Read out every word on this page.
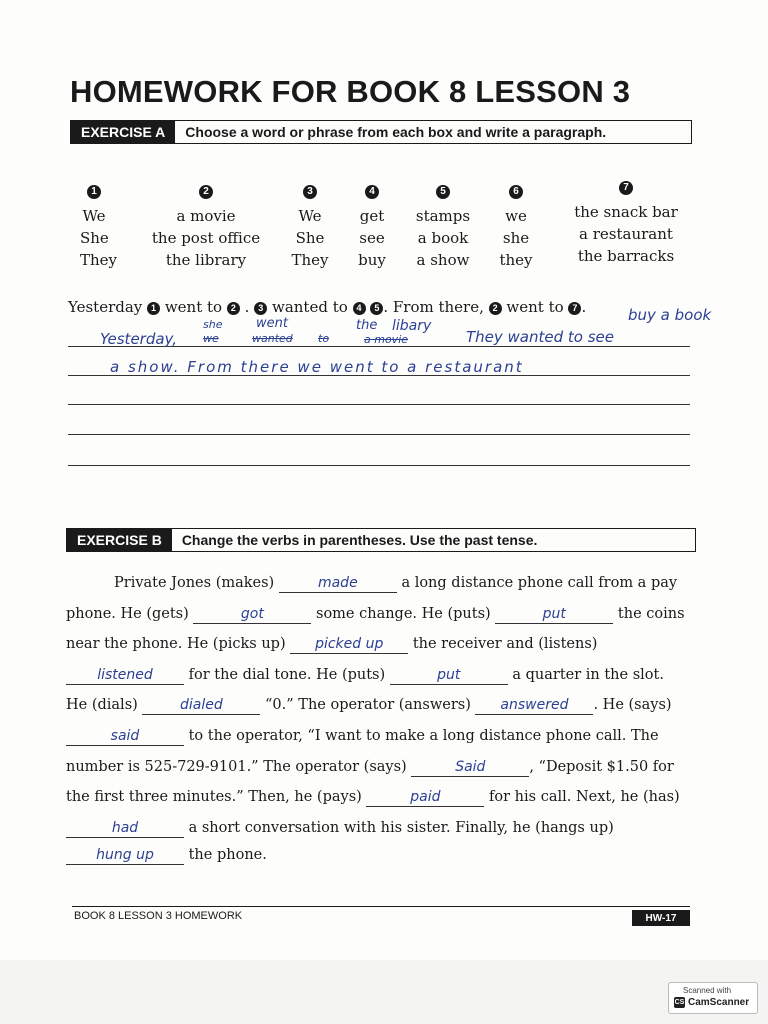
HOMEWORK FOR BOOK 8 LESSON 3
EXERCISE A	Choose a word or phrase from each box and write a paragraph.
1
We
She
They
2
a movie
the post office
the library
3
We
She
They
4
get
see
buy
5
stamps
a book
a show
6
we
she
they
7
the snack bar
a restaurant
the barracks
Yesterday 1 went to 2 . 3 wanted to 4 5 . From there, 2 went to 7 .
Yesterday,
she
we
went
wanted to
the libary
a movie	They wanted to see
buy a book
a show. From there we went to a restaurant
EXERCISE B	Change the verbs in parentheses. Use the past tense.
Private Jones (makes)	made	a long distance phone call from a pay
phone. He (gets)	got	some change. He (puts)	put	the coins
near the phone. He (picks up) picked up the receiver and (listens)
listened for the dial tone. He (puts)	put	a quarter in the slot.
He (dials)	dialed	“0.” The operator (answers) answered . He (says)
said	to the operator, “I want to make a long distance phone call. The
number is 525-729-9101.” The operator (says)	Said	, “Deposit $1.50 for
the first three minutes.” Then, he (pays)	paid	for his call. Next, he (has)
had	a short conversation with his sister. Finally, he (hangs up)
hung up the phone.
BOOK 8 LESSON 3 HOMEWORK	HW-17
Scanned with
CS CamScanner
